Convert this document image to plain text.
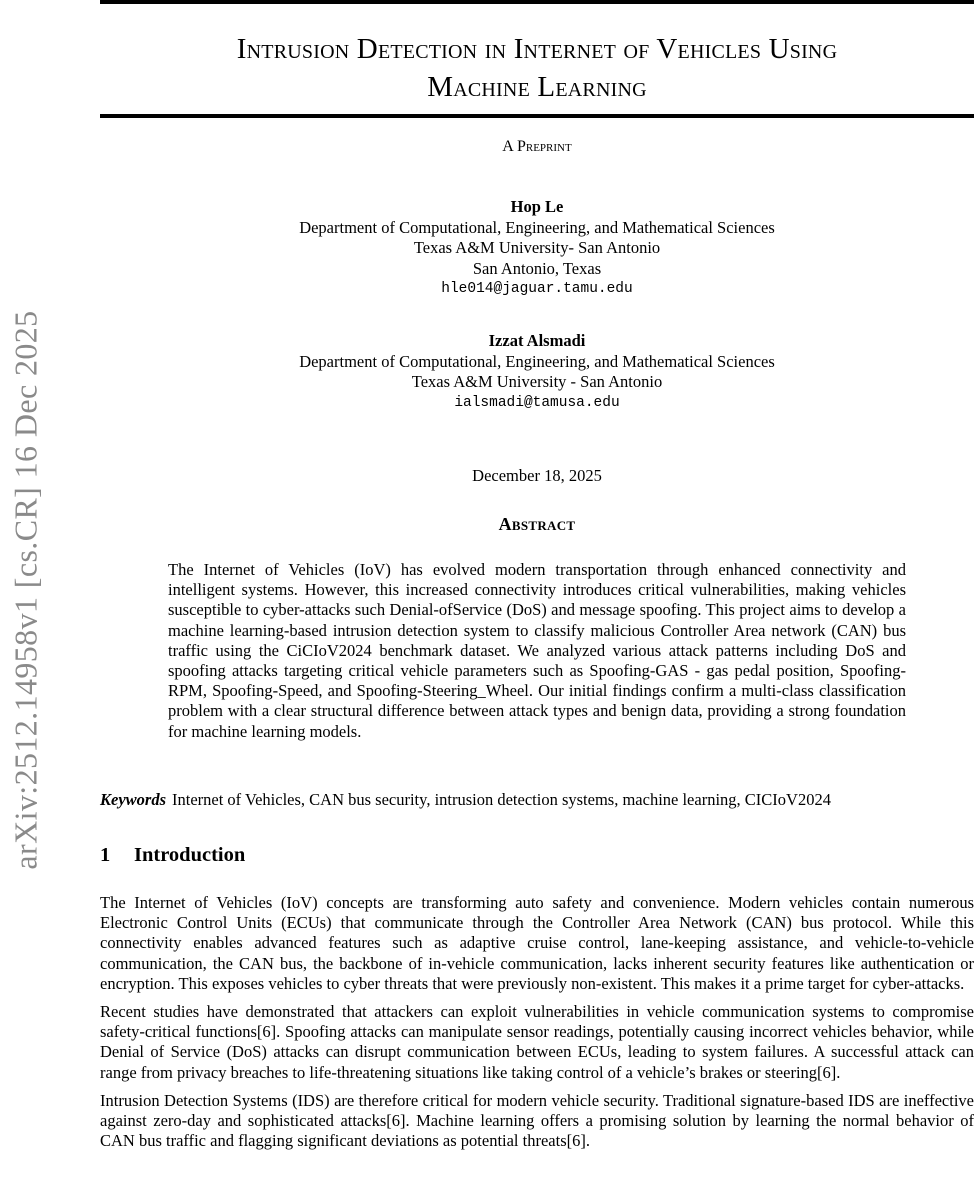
arXiv:2512.14958v1 [cs.CR] 16 Dec 2025
Intrusion Detection in Internet of Vehicles Using
Machine Learning
A Preprint
Hop Le
Department of Computational, Engineering, and Mathematical Sciences
Texas A&M University- San Antonio
San Antonio, Texas
hle014@jaguar.tamu.edu
Izzat Alsmadi
Department of Computational, Engineering, and Mathematical Sciences
Texas A&M University - San Antonio
ialsmadi@tamusa.edu
December 18, 2025
Abstract

The Internet of Vehicles (IoV) has evolved modern transportation through enhanced connectivity and intelligent systems. However, this increased connectivity introduces critical vulnerabilities, making vehicles susceptible to cyber-attacks such Denial-ofService (DoS) and message spoofing. This project aims to develop a machine learning-based intrusion detection system to classify malicious Controller Area network (CAN) bus traffic using the CiCIoV2024 benchmark dataset. We analyzed various attack patterns including DoS and spoofing attacks targeting critical vehicle parameters such as Spoofing-GAS - gas pedal position, Spoofing-RPM, Spoofing-Speed, and Spoofing-Steering_Wheel. Our initial findings confirm a multi-class classification problem with a clear structural difference between attack types and benign data, providing a strong foundation for machine learning models.

Keywords Internet of Vehicles, CAN bus security, intrusion detection systems, machine learning, CICIoV2024

1 Introduction

The Internet of Vehicles (IoV) concepts are transforming auto safety and convenience. Modern vehicles contain numerous Electronic Control Units (ECUs) that communicate through the Controller Area Network (CAN) bus protocol. While this connectivity enables advanced features such as adaptive cruise control, lane-keeping assistance, and vehicle-to-vehicle communication, the CAN bus, the backbone of in-vehicle communication, lacks inherent security features like authentication or encryption. This exposes vehicles to cyber threats that were previously non-existent. This makes it a prime target for cyber-attacks.

Recent studies have demonstrated that attackers can exploit vulnerabilities in vehicle communication systems to compromise safety-critical functions[6]. Spoofing attacks can manipulate sensor readings, potentially causing incorrect vehicles behavior, while Denial of Service (DoS) attacks can disrupt communication between ECUs, leading to system failures. A successful attack can range from privacy breaches to life-threatening situations like taking control of a vehicle’s brakes or steering[6].

Intrusion Detection Systems (IDS) are therefore critical for modern vehicle security. Traditional signature-based IDS are ineffective against zero-day and sophisticated attacks[6]. Machine learning offers a promising solution by learning the normal behavior of CAN bus traffic and flagging significant deviations as potential threats[6].
